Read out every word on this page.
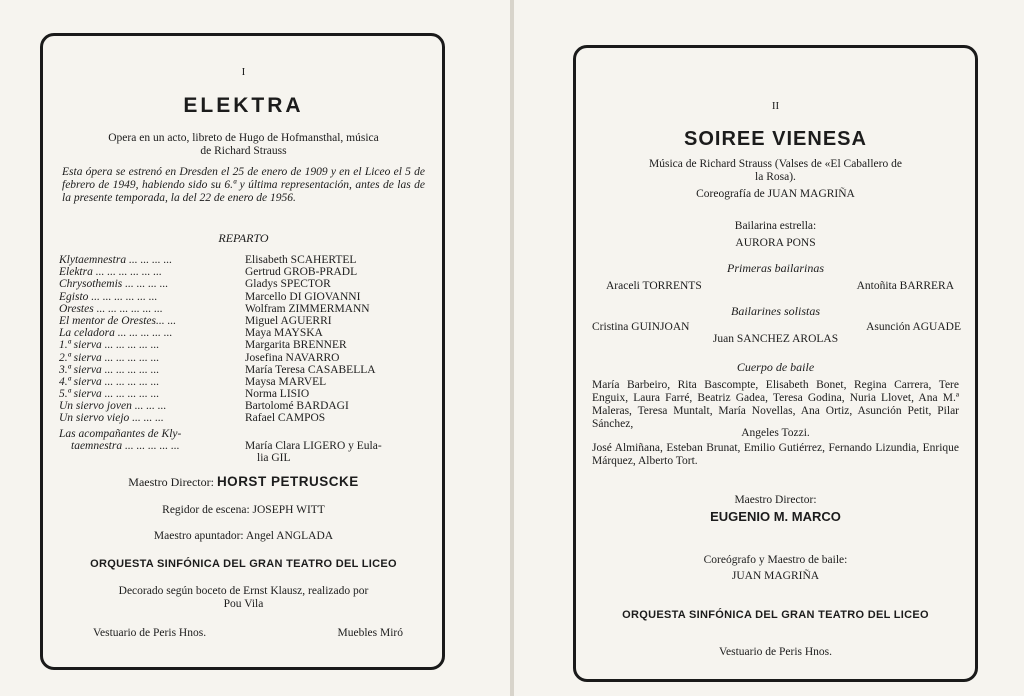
I
ELEKTRA
Opera en un acto, libreto de Hugo de Hofmansthal, música
de Richard Strauss
Esta ópera se estrenó en Dresden el 25 de enero de 1909 y en el Liceo el 5 de febrero de 1949, habiendo sido su 6.ª y última representación, antes de las de la presente temporada, la del 22 de enero de 1956.
REPARTO
Klytaemnestra ... ... ... ...	Elisabeth SCAHERTEL
Elektra ... ... ... ... ... ...	Gertrud GROB-PRADL
Chrysothemis ... ... ... ...	Gladys SPECTOR
Egisto ... ... ... ... ... ...	Marcello DI GIOVANNI
Orestes ... ... ... ... ... ...	Wolfram ZIMMERMANN
El mentor de Orestes... ...	Miguel AGUERRI
La celadora ... ... ... ... ...	Maya MAYSKA
1.ª sierva ... ... ... ... ...	Margarita BRENNER
2.ª sierva ... ... ... ... ...	Josefina NAVARRO
3.ª sierva ... ... ... ... ...	María Teresa CASABELLA
4.ª sierva ... ... ... ... ...	Maysa MARVEL
5.ª sierva ... ... ... ... ...	Norma LISIO
Un siervo joven ... ... ...	Bartolomé BARDAGI
Un siervo viejo ... ... ...	Rafael CAMPOS
Las acompañantes de Kly-
taemnestra ... ... ... ... ...	María Clara LIGERO y Eula-
lia GIL
Maestro Director: HORST PETRUSCKE
Regidor de escena: JOSEPH WITT
Maestro apuntador: Angel ANGLADA
ORQUESTA SINFÓNICA DEL GRAN TEATRO DEL LICEO
Decorado según boceto de Ernst Klausz, realizado por
Pou Vila
Vestuario de Peris Hnos.	Muebles Miró
II
SOIREE VIENESA
Música de Richard Strauss (Valses de «El Caballero de
la Rosa).
Coreografía de JUAN MAGRIÑA
Bailarina estrella:
AURORA PONS
Primeras bailarinas
Araceli TORRENTS	Antoñita BARRERA
Bailarines solistas
Cristina GUINJOAN	Asunción AGUADE
Juan SANCHEZ AROLAS
Cuerpo de baile
María Barbeiro, Rita Bascompte, Elisabeth Bonet, Regina Carrera, Tere Enguix, Laura Farré, Beatriz Gadea, Teresa Godina, Nuria Llovet, Ana M.ª Maleras, Teresa Muntalt, María Novellas, Ana Ortiz, Asunción Petit, Pilar Sánchez,
Angeles Tozzi.
José Almiñana, Esteban Brunat, Emilio Gutiérrez, Fernando Lizundia, Enrique Márquez, Alberto Tort.
Maestro Director:
EUGENIO M. MARCO
Coreógrafo y Maestro de baile:
JUAN MAGRIÑA
ORQUESTA SINFÓNICA DEL GRAN TEATRO DEL LICEO
Vestuario de Peris Hnos.
